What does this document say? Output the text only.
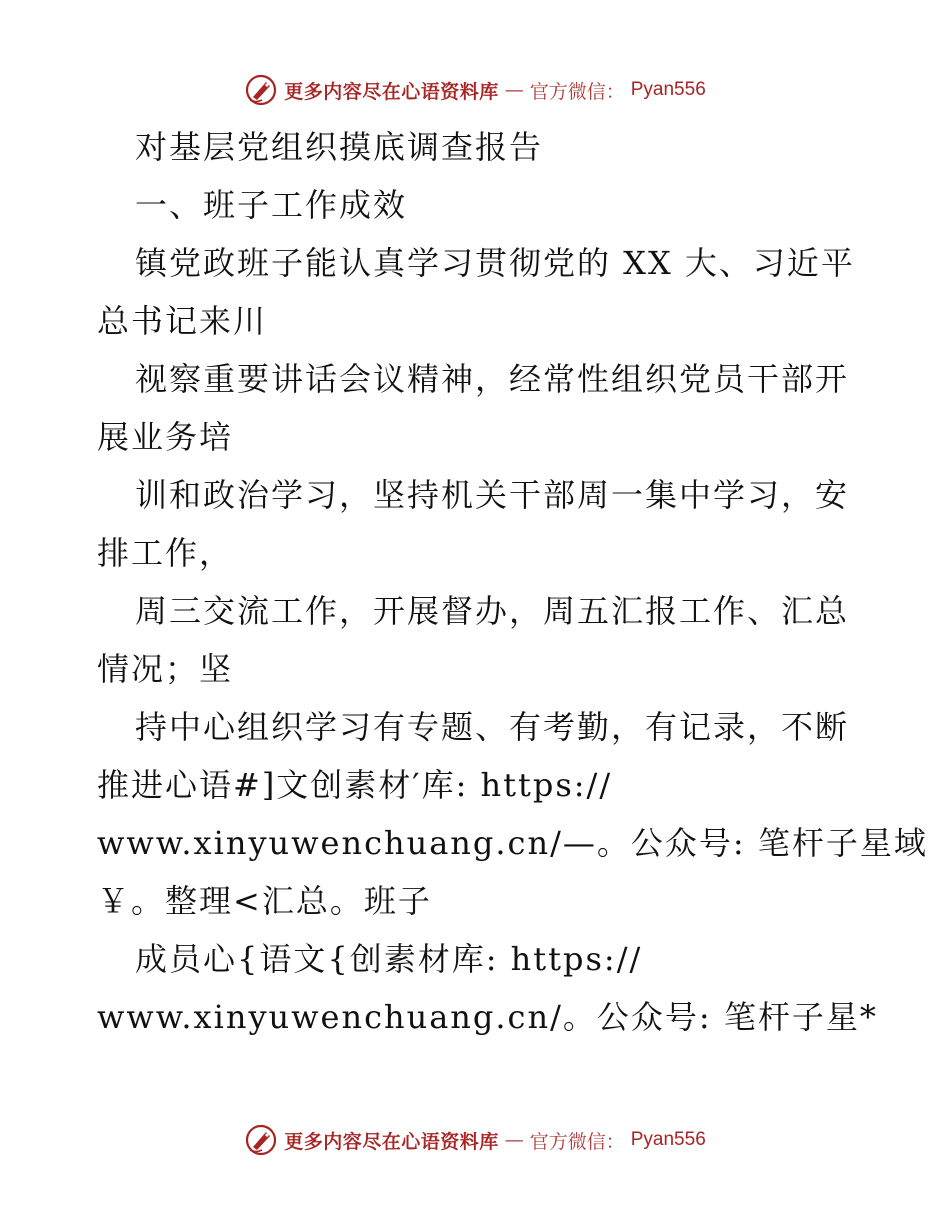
更多内容尽在心语资料库 — 官方微信： Pyan556
对基层党组织摸底调查报告
一、班子工作成效
镇党政班子能认真学习贯彻党的 XX 大、习近平
总书记来川
视察重要讲话会议精神，经常性组织党员干部开
展业务培
训和政治学习，坚持机关干部周一集中学习，安
排工作，
周三交流工作，开展督办，周五汇报工作、汇总
情况；坚
持中心组织学习有专题、有考勤，有记录，不断
推进心语#]文创素材′库: https://
www.xinyuwenchuang.cn/—。公众号: 笔杆子星域
￥。整理<汇总。班子
成员心{语文{创素材库: https://
www.xinyuwenchuang.cn/。公众号: 笔杆子星*
更多内容尽在心语资料库 — 官方微信： Pyan556
